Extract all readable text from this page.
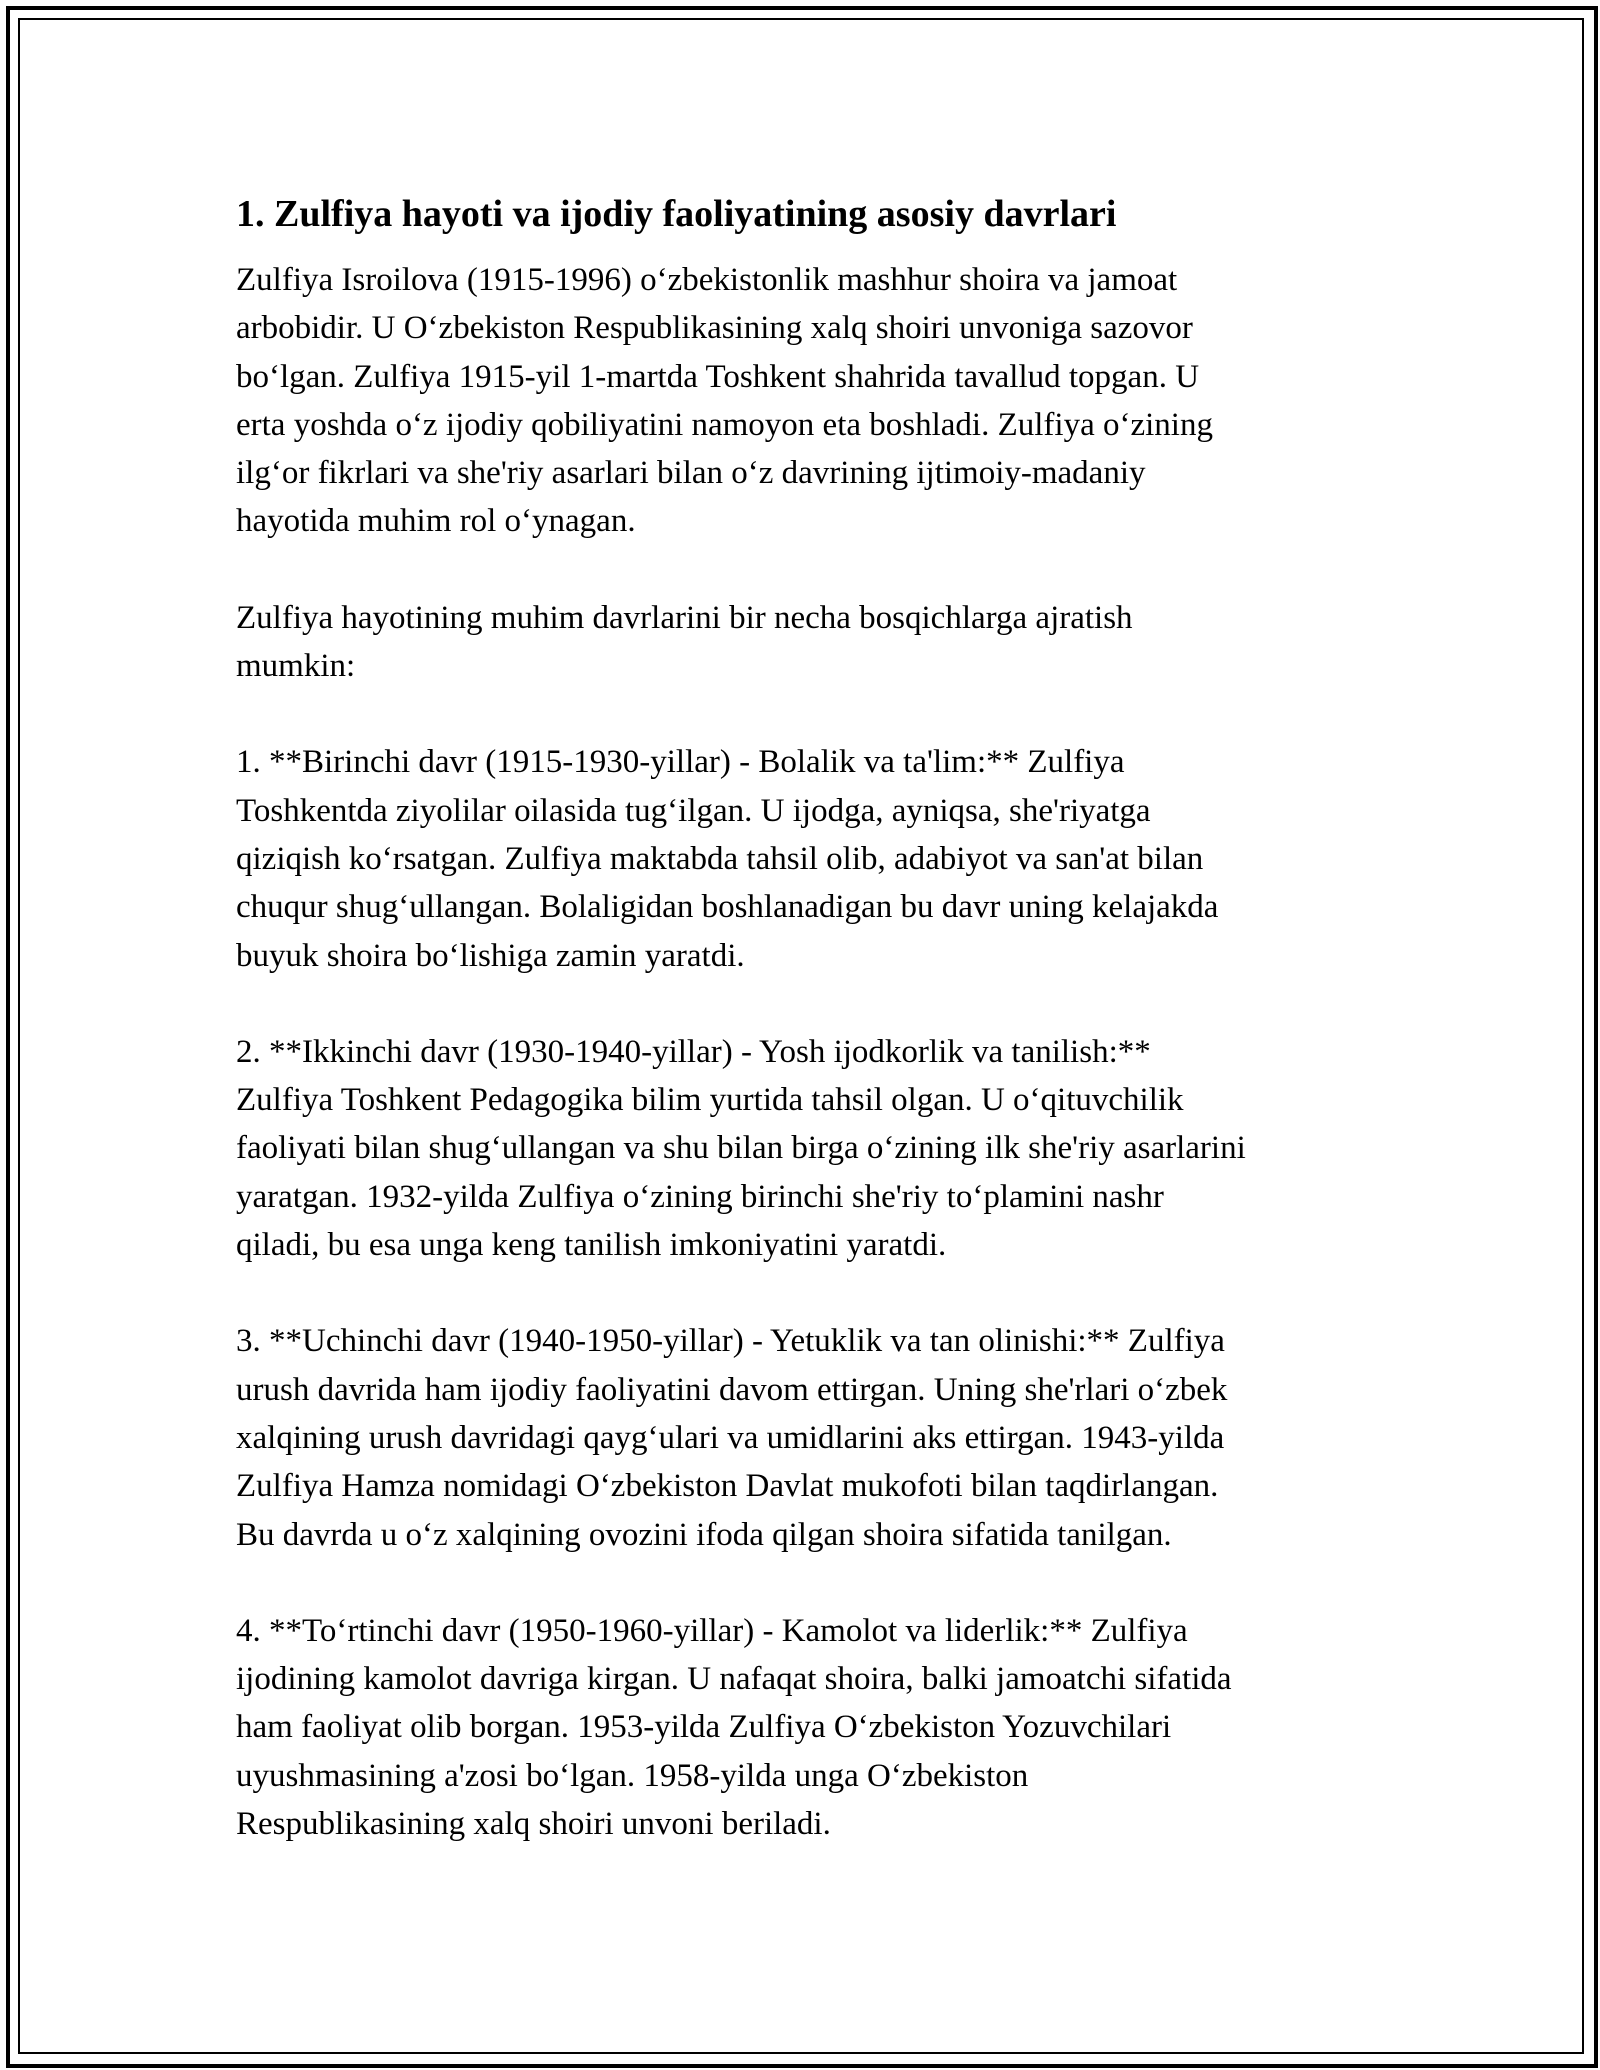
1. Zulfiya hayoti va ijodiy faoliyatining asosiy davrlari

Zulfiya Isroilova (1915-1996) o‘zbekistonlik mashhur shoira va jamoat
arbobidir. U O‘zbekiston Respublikasining xalq shoiri unvoniga sazovor
bo‘lgan. Zulfiya 1915-yil 1-martda Toshkent shahrida tavallud topgan. U
erta yoshda o‘z ijodiy qobiliyatini namoyon eta boshladi. Zulfiya o‘zining
ilg‘or fikrlari va she'riy asarlari bilan o‘z davrining ijtimoiy-madaniy
hayotida muhim rol o‘ynagan.

Zulfiya hayotining muhim davrlarini bir necha bosqichlarga ajratish
mumkin:

1. **Birinchi davr (1915-1930-yillar) - Bolalik va ta'lim:** Zulfiya
Toshkentda ziyolilar oilasida tug‘ilgan. U ijodga, ayniqsa, she'riyatga
qiziqish ko‘rsatgan. Zulfiya maktabda tahsil olib, adabiyot va san'at bilan
chuqur shug‘ullangan. Bolaligidan boshlanadigan bu davr uning kelajakda
buyuk shoira bo‘lishiga zamin yaratdi.

2. **Ikkinchi davr (1930-1940-yillar) - Yosh ijodkorlik va tanilish:**
Zulfiya Toshkent Pedagogika bilim yurtida tahsil olgan. U o‘qituvchilik
faoliyati bilan shug‘ullangan va shu bilan birga o‘zining ilk she'riy asarlarini
yaratgan. 1932-yilda Zulfiya o‘zining birinchi she'riy to‘plamini nashr
qiladi, bu esa unga keng tanilish imkoniyatini yaratdi.

3. **Uchinchi davr (1940-1950-yillar) - Yetuklik va tan olinishi:** Zulfiya
urush davrida ham ijodiy faoliyatini davom ettirgan. Uning she'rlari o‘zbek
xalqining urush davridagi qayg‘ulari va umidlarini aks ettirgan. 1943-yilda
Zulfiya Hamza nomidagi O‘zbekiston Davlat mukofoti bilan taqdirlangan.
Bu davrda u o‘z xalqining ovozini ifoda qilgan shoira sifatida tanilgan.

4. **To‘rtinchi davr (1950-1960-yillar) - Kamolot va liderlik:** Zulfiya
ijodining kamolot davriga kirgan. U nafaqat shoira, balki jamoatchi sifatida
ham faoliyat olib borgan. 1953-yilda Zulfiya O‘zbekiston Yozuvchilari
uyushmasining a'zosi bo‘lgan. 1958-yilda unga O‘zbekiston
Respublikasining xalq shoiri unvoni beriladi.
